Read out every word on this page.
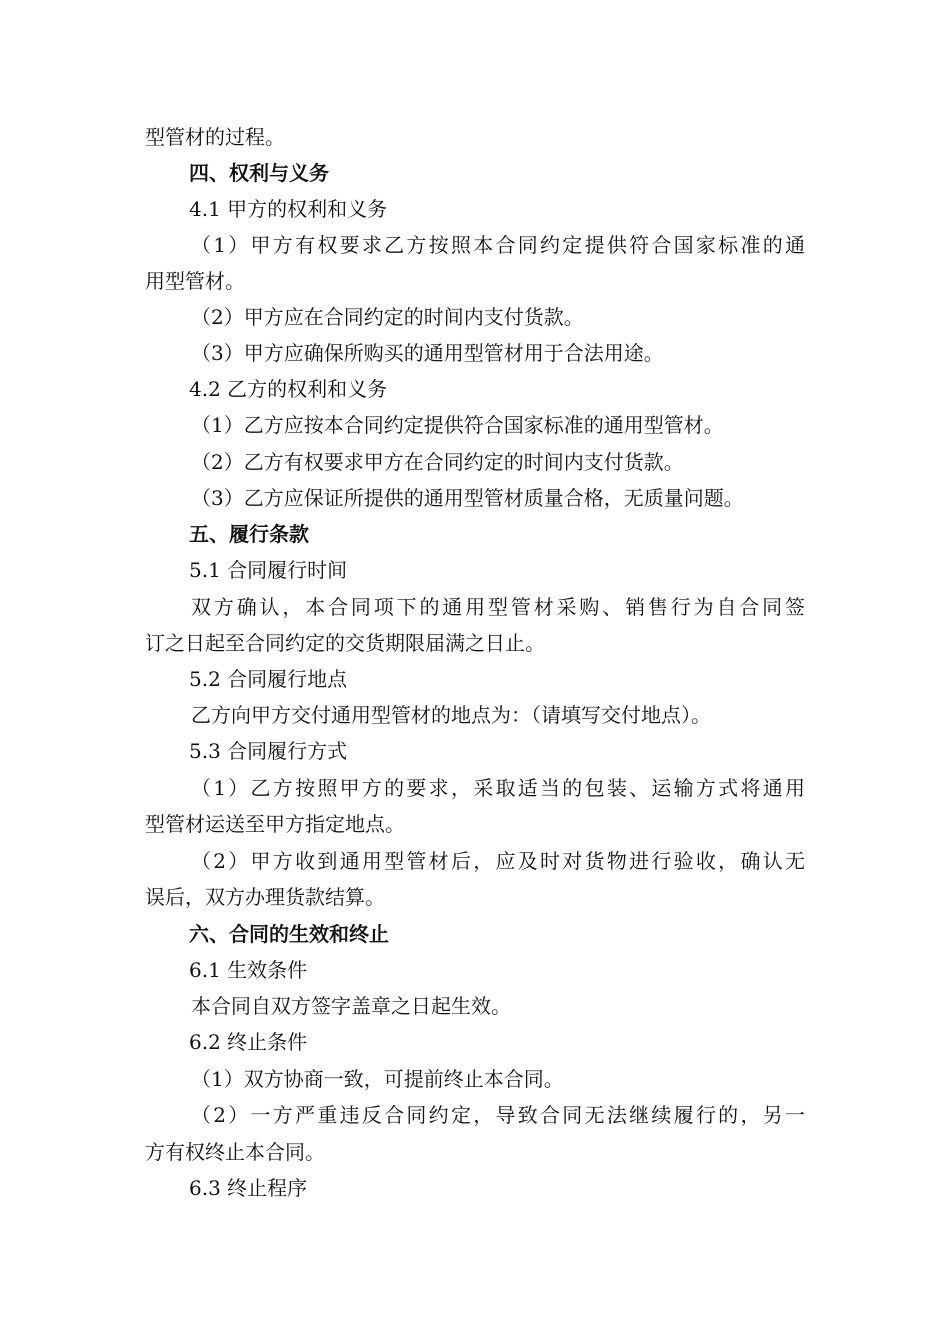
型管材的过程。
四、权利与义务
4.1 甲方的权利和义务
（1）甲方有权要求乙方按照本合同约定提供符合国家标准的通
用型管材。
（2）甲方应在合同约定的时间内支付货款。
（3）甲方应确保所购买的通用型管材用于合法用途。
4.2 乙方的权利和义务
（1）乙方应按本合同约定提供符合国家标准的通用型管材。
（2）乙方有权要求甲方在合同约定的时间内支付货款。
（3）乙方应保证所提供的通用型管材质量合格，无质量问题。
五、履行条款
5.1 合同履行时间
双方确认，本合同项下的通用型管材采购、销售行为自合同签
订之日起至合同约定的交货期限届满之日止。
5.2 合同履行地点
乙方向甲方交付通用型管材的地点为：（请填写交付地点）。
5.3 合同履行方式
（1）乙方按照甲方的要求，采取适当的包装、运输方式将通用
型管材运送至甲方指定地点。
（2）甲方收到通用型管材后，应及时对货物进行验收，确认无
误后，双方办理货款结算。
六、合同的生效和终止
6.1 生效条件
本合同自双方签字盖章之日起生效。
6.2 终止条件
（1）双方协商一致，可提前终止本合同。
（2）一方严重违反合同约定，导致合同无法继续履行的，另一
方有权终止本合同。
6.3 终止程序
